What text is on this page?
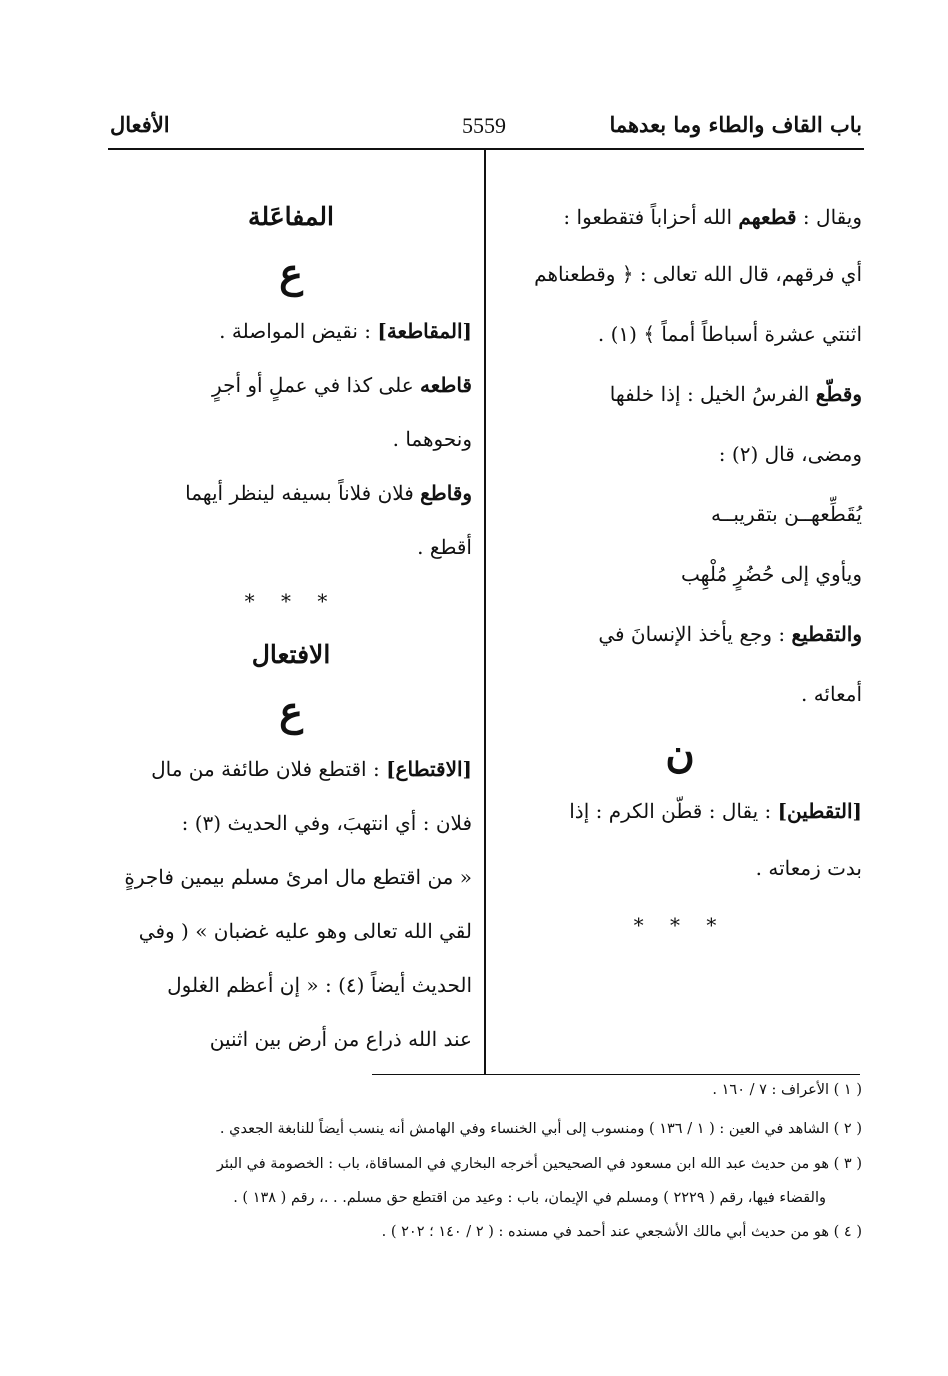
باب القاف والطاء وما بعدهما
5559
الأفعال
ويقال : قطعهم الله أحزاباً فتقطعوا :
أي فرقهم، قال الله تعالى : ﴿ وقطعناهم
اثنتي عشرة أسباطاً أمماً ﴾ (١) .
وقطّع الفرسُ الخيل : إذا خلفها
ومضى، قال (٢) :
يُقَطِّعهــن بتقريبــه
ويأوي إلى حُضُرٍ مُلْهِب
والتقطيع : وجع يأخذ الإنسانَ في
أمعائه .
ن
[التقطين] : يقال : قطّن الكرم : إذا
بدت زمعاته .
* * *
المفاعَلة
ع
[المقاطعة] : نقيض المواصلة .
قاطعه على كذا في عملٍ أو أجرٍ
ونحوهما .
وقاطع فلان فلاناً بسيفه لينظر أيهما
أقطع .
* * *
الافتعال
ع
[الاقتطاع] : اقتطع فلان طائفة من مال
فلان : أي انتهبَ، وفي الحديث (٣) :
« من اقتطع مال امرئ مسلم بيمين فاجرةٍ
لقي الله تعالى وهو عليه غضبان » ( وفي
الحديث أيضاً (٤) : « إن أعظم الغلول
عند الله ذراع من أرض بين اثنين
( ١ ) الأعراف : ٧ / ١٦٠ .
( ٢ ) الشاهد في العين : ( ١ / ١٣٦ ) ومنسوب إلى أبي الخنساء وفي الهامش أنه ينسب أيضاً للنابغة الجعدي .
( ٣ ) هو من حديث عبد الله ابن مسعود في الصحيحين أخرجه البخاري في المساقاة، باب : الخصومة في البئر
والقضاء فيها، رقم ( ٢٢٢٩ ) ومسلم في الإيمان، باب : وعيد من اقتطع حق مسلم. . .، رقم ( ١٣٨ ) .
( ٤ ) هو من حديث أبي مالك الأشجعي عند أحمد في مسنده : ( ٢ / ١٤٠ ؛ ٢٠٢ ) .
